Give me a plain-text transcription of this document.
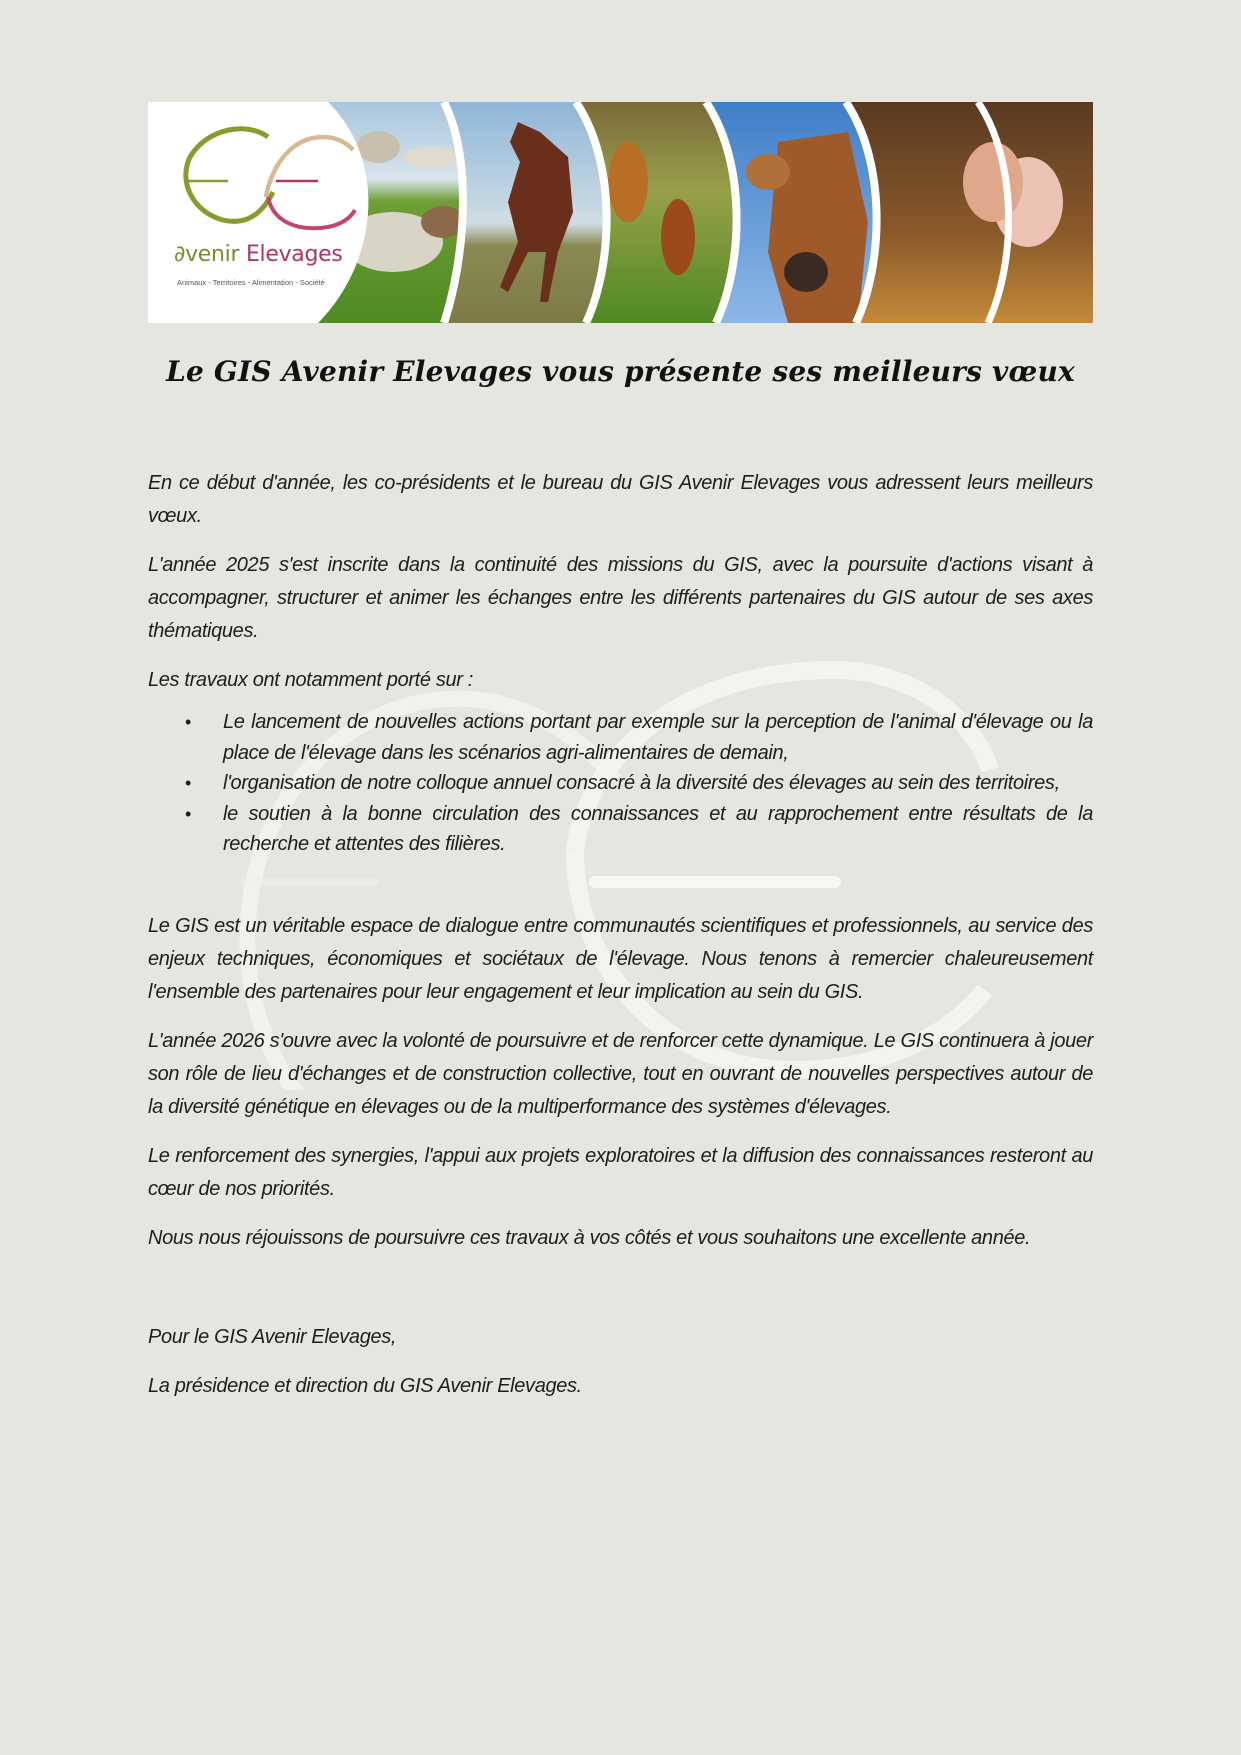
∂venir Elevages
Animaux - Territoires - Alimentation - Société
Le GIS Avenir Elevages vous présente ses meilleurs vœux

En ce début d'année, les co-présidents et le bureau du GIS Avenir Elevages vous adressent leurs meilleurs vœux.

L'année 2025 s'est inscrite dans la continuité des missions du GIS, avec la poursuite d'actions visant à accompagner, structurer et animer les échanges entre les différents partenaires du GIS autour de ses axes thématiques.

Les travaux ont notamment porté sur :

• Le lancement de nouvelles actions portant par exemple sur la perception de l'animal d'élevage ou la place de l'élevage dans les scénarios agri-alimentaires de demain,
• l'organisation de notre colloque annuel consacré à la diversité des élevages au sein des territoires,
• le soutien à la bonne circulation des connaissances et au rapprochement entre résultats de la recherche et attentes des filières.

Le GIS est un véritable espace de dialogue entre communautés scientifiques et professionnels, au service des enjeux techniques, économiques et sociétaux de l'élevage. Nous tenons à remercier chaleureusement l'ensemble des partenaires pour leur engagement et leur implication au sein du GIS.

L'année 2026 s'ouvre avec la volonté de poursuivre et de renforcer cette dynamique. Le GIS continuera à jouer son rôle de lieu d'échanges et de construction collective, tout en ouvrant de nouvelles perspectives autour de la diversité génétique en élevages ou de la multiperformance des systèmes d'élevages.

Le renforcement des synergies, l'appui aux projets exploratoires et la diffusion des connaissances resteront au cœur de nos priorités.

Nous nous réjouissons de poursuivre ces travaux à vos côtés et vous souhaitons une excellente année.

Pour le GIS Avenir Elevages,

La présidence et direction du GIS Avenir Elevages.
